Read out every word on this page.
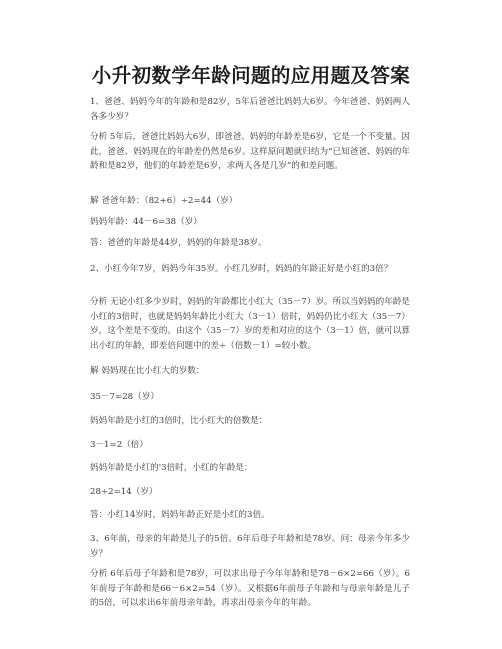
小升初数学年龄问题的应用题及答案

1、爸爸、妈妈今年的年龄和是82岁，5年后爸爸比妈妈大6岁。今年爸爸、妈妈两人各多少岁？

分析 5年后，爸爸比妈妈大6岁，即爸爸、妈妈的年龄差是6岁，它是一个不变量。因此，爸爸、妈妈现在的年龄差仍然是6岁。这样原问题就归结为“已知爸爸、妈妈的年龄和是82岁，他们的年龄差是6岁，求两人各是几岁”的和差问题。

解 爸爸年龄：（82+6）÷2=44（岁）

妈妈年龄：44－6=38（岁）

答：爸爸的年龄是44岁，妈妈的年龄是38岁。

2、小红今年7岁，妈妈今年35岁。小红几岁时，妈妈的年龄正好是小红的3倍？

分析 无论小红多少岁时，妈妈的年龄都比小红大（35－7）岁。所以当妈妈的年龄是小红的3倍时，也就是妈妈年龄比小红大（3－1）倍时，妈妈仍比小红大（35－7）岁，这个差是不变的。由这个（35－7）岁的差和对应的这个（3－1）倍，就可以算出小红的年龄，即差倍问题中的差÷（倍数－1）=较小数。

解 妈妈现在比小红大的岁数：

35－7=28（岁）

妈妈年龄是小红的3倍时，比小红大的倍数是：

3－1=2（倍）

妈妈年龄是小红的'3倍时，小红的年龄是：

28÷2=14（岁）

答：小红14岁时，妈妈年龄正好是小红的3倍。

3、6年前，母亲的年龄是儿子的5倍。6年后母子年龄和是78岁。问：母亲今年多少岁？

分析 6年后母子年龄和是78岁，可以求出母子今年年龄和是78－6×2=66（岁）。6年前母子年龄和是66－6×2=54（岁）。又根据6年前母子年龄和与母亲年龄是儿子的5倍，可以求出6年前母亲年龄，再求出母亲今年的年龄。
